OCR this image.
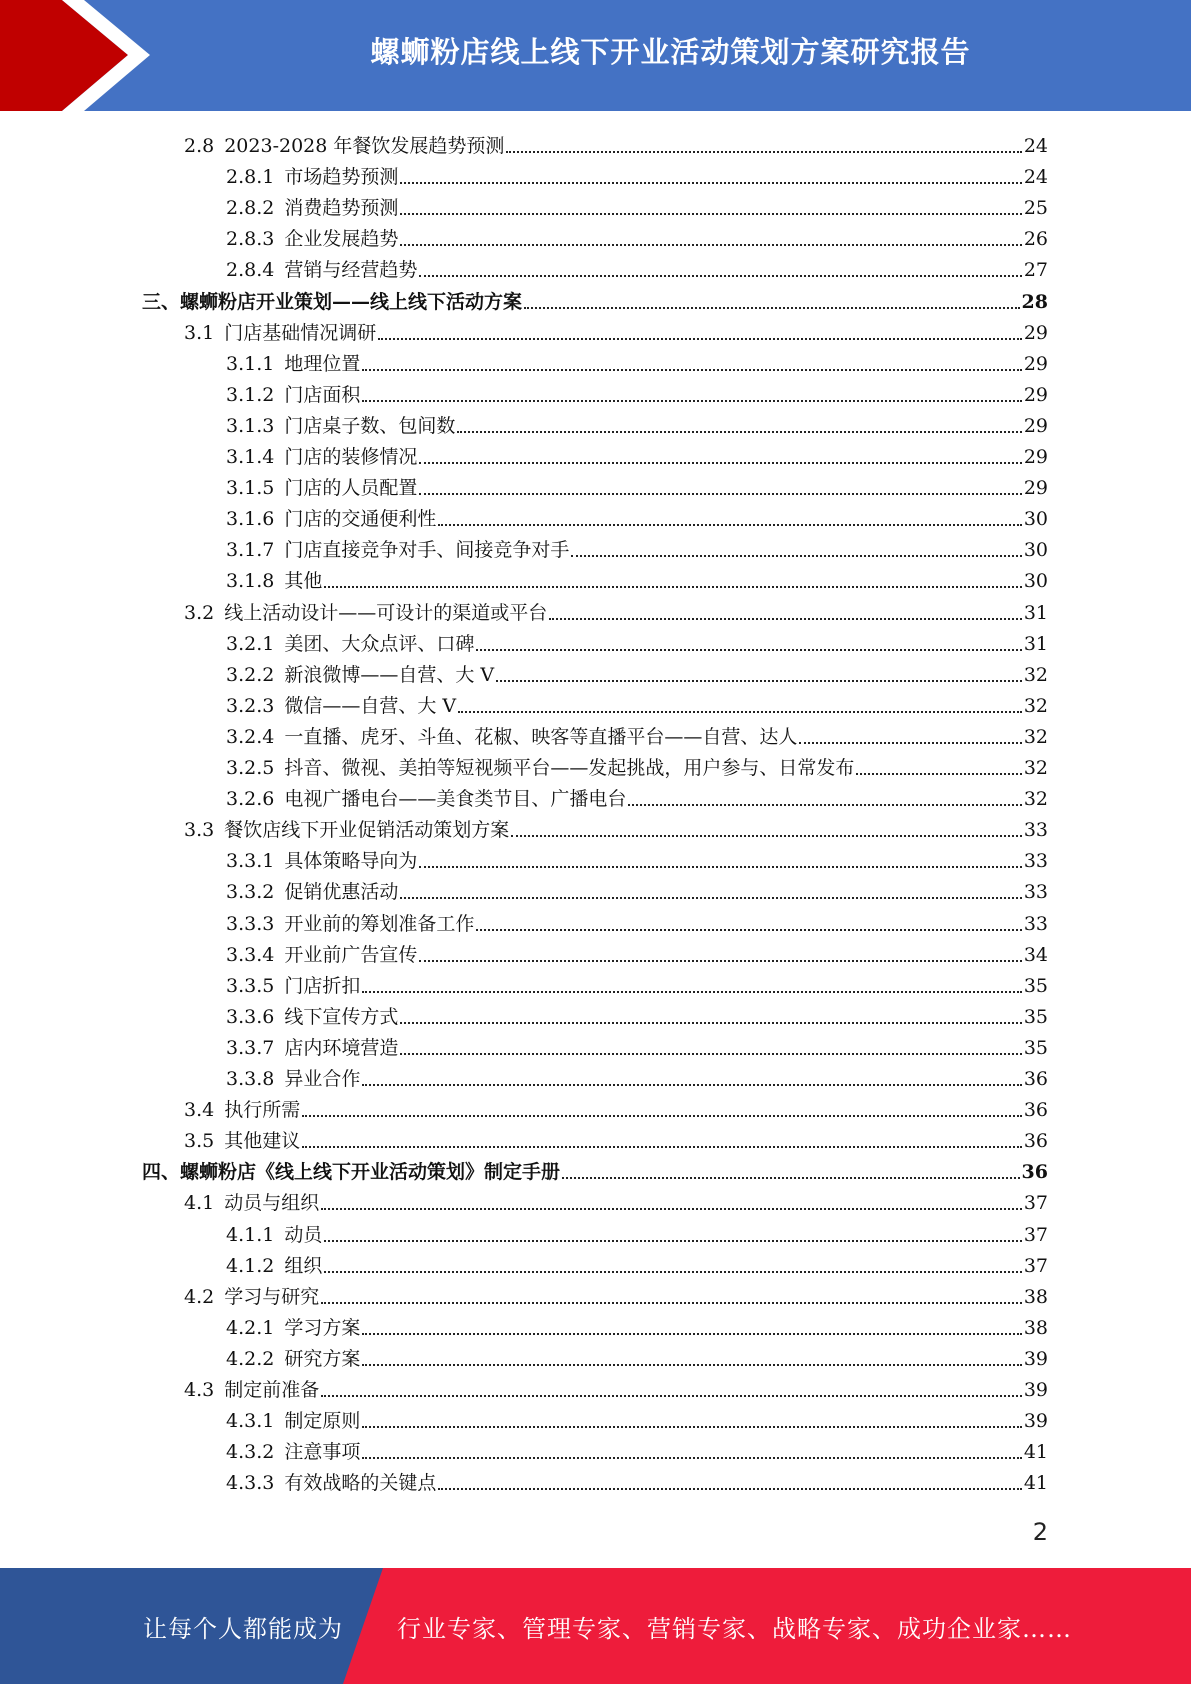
螺蛳粉店线上线下开业活动策划方案研究报告
2.8 2023-2028 年餐饮发展趋势预测	24
2.8.1 市场趋势预测	24
2.8.2 消费趋势预测	25
2.8.3 企业发展趋势	26
2.8.4 营销与经营趋势	27
三、 螺蛳粉店开业策划——线上线下活动方案	28
3.1 门店基础情况调研	29
3.1.1 地理位置	29
3.1.2 门店面积	29
3.1.3 门店桌子数、包间数	29
3.1.4 门店的装修情况	29
3.1.5 门店的人员配置	29
3.1.6 门店的交通便利性	30
3.1.7 门店直接竞争对手、间接竞争对手	30
3.1.8 其他	30
3.2 线上活动设计——可设计的渠道或平台	31
3.2.1 美团、大众点评、口碑	31
3.2.2 新浪微博——自营、大 V	32
3.2.3 微信——自营、大 V	32
3.2.4 一直播、虎牙、斗鱼、花椒、映客等直播平台——自营、达人	32
3.2.5 抖音、微视、美拍等短视频平台——发起挑战，用户参与、日常发布	32
3.2.6 电视广播电台——美食类节目、广播电台	32
3.3 餐饮店线下开业促销活动策划方案	33
3.3.1 具体策略导向为	33
3.3.2 促销优惠活动	33
3.3.3 开业前的筹划准备工作	33
3.3.4 开业前广告宣传	34
3.3.5 门店折扣	35
3.3.6 线下宣传方式	35
3.3.7 店内环境营造	35
3.3.8 异业合作	36
3.4 执行所需	36
3.5 其他建议	36
四、 螺蛳粉店《线上线下开业活动策划》制定手册	36
4.1 动员与组织	37
4.1.1 动员	37
4.1.2 组织	37
4.2 学习与研究	38
4.2.1 学习方案	38
4.2.2 研究方案	39
4.3 制定前准备	39
4.3.1 制定原则	39
4.3.2 注意事项	41
4.3.3 有效战略的关键点	41
2
让每个人都能成为 行业专家、管理专家、营销专家、战略专家、成功企业家……
